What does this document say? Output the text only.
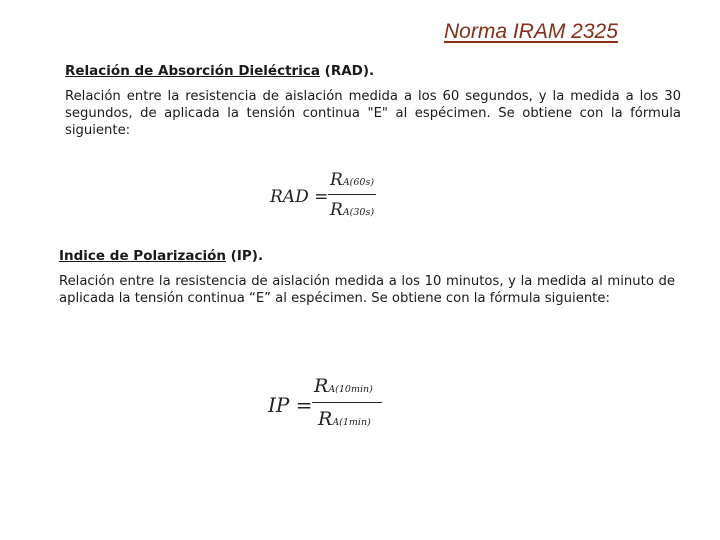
Norma IRAM 2325
Relación de Absorción Dieléctrica (RAD).
Relación entre la resistencia de aislación medida a los 60 segundos, y la medida a los 30 segundos, de aplicada la tensión continua "E" al espécimen. Se obtiene con la fórmula siguiente:
RAD =
RA(60s)
RA(30s)
Indice de Polarización (IP).
Relación entre la resistencia de aislación medida a los 10 minutos, y la medida al minuto de aplicada la tensión continua “E” al espécimen. Se obtiene con la fórmula siguiente:
IP =
RA(10min)
RA(1min)
